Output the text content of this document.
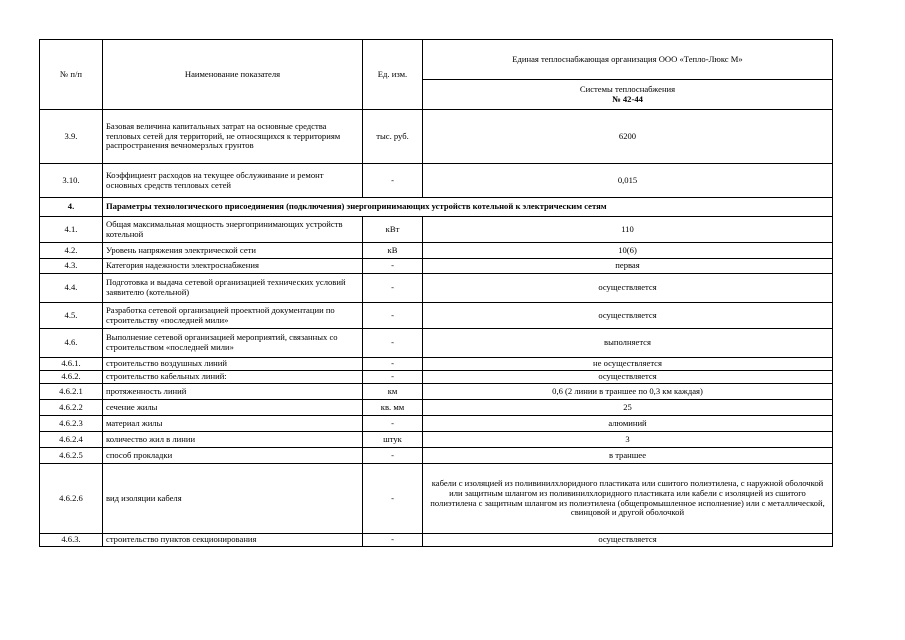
№ п/п	Наименование показателя	Ед. изм.	Единая теплоснабжающая организация ООО «Тепло-Люкс М»

			Системы теплоснабжения
№ 42-44

3.9.	Базовая величина капитальных затрат на основные средства тепловых сетей для территорий, не относящихся к территориям распространения вечномерзлых грунтов	тыс. руб.	6200
3.10.	Коэффициент расходов на текущее обслуживание и ремонт основных средств тепловых сетей	-	0,015
4.	Параметры технологического присоединения (подключения) энергопринимающих устройств котельной к электрическим сетям		
4.1.	Общая максимальная мощность энергопринимающих устройств котельной	кВт	110
4.2.	Уровень напряжения электрической сети	кВ	10(6)
4.3.	Категория надежности электроснабжения	-	первая
4.4.	Подготовка и выдача сетевой организацией технических условий заявителю (котельной)	-	осуществляется
4.5.	Разработка сетевой организацией проектной документации по строительству «последней мили»	-	осуществляется
4.6.	Выполнение сетевой организацией мероприятий, связанных со строительством «последней мили»	-	выполняется
4.6.1.	строительство воздушных линий	-	не осуществляется
4.6.2.	строительство кабельных линий:	-	осуществляется
4.6.2.1	протяженность линий	км	0,6 (2 линии в траншее по 0,3 км каждая)
4.6.2.2	сечение жилы	кв. мм	25
4.6.2.3	материал жилы	-	алюминий
4.6.2.4	количество жил в линии	штук	3
4.6.2.5	способ прокладки	-	в траншее
4.6.2.6	вид изоляции кабеля	-	кабели с изоляцией из поливинилхлоридного пластиката или сшитого полиэтилена, с наружной оболочкой или защитным шлангом из поливинилхлоридного пластиката или кабели с изоляцией из сшитого полиэтилена с защитным шлангом из полиэтилена (общепромышленное исполнение) или с металлической, свинцовой и другой оболочкой
4.6.3.	строительство пунктов секционирования	-	осуществляется
